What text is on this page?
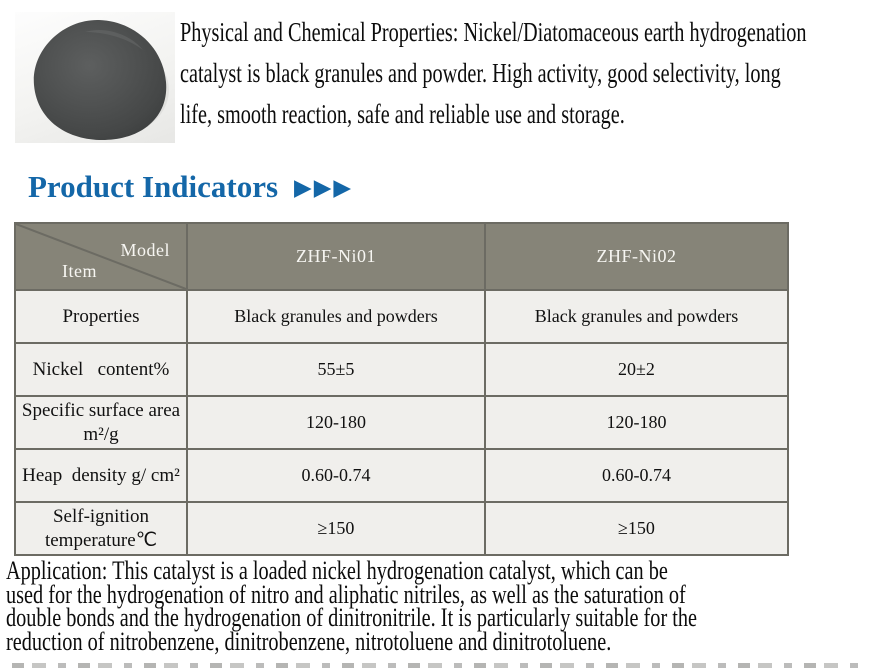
Physical and Chemical Properties: Nickel/Diatomaceous earth hydrogenation
catalyst is black granules and powder. High activity, good selectivity, long
life, smooth reaction, safe and reliable use and storage.
Product Indicators ▶▶▶
Model
Item	ZHF-Ni01	ZHF-Ni02

Properties	Black granules and powders	Black granules and powders

Nickel   content%	55±5	20±2

Specific surface area
m²/g	120-180	120-180

Heap  density g/ cm²	0.60-0.74	0.60-0.74

Self-ignition
temperature℃	≥150	≥150
Application: This catalyst is a loaded nickel hydrogenation catalyst, which can be
used for the hydrogenation of nitro and aliphatic nitriles, as well as the saturation of
double bonds and the hydrogenation of dinitronitrile. It is particularly suitable for the
reduction of nitrobenzene, dinitrobenzene, nitrotoluene and dinitrotoluene.
